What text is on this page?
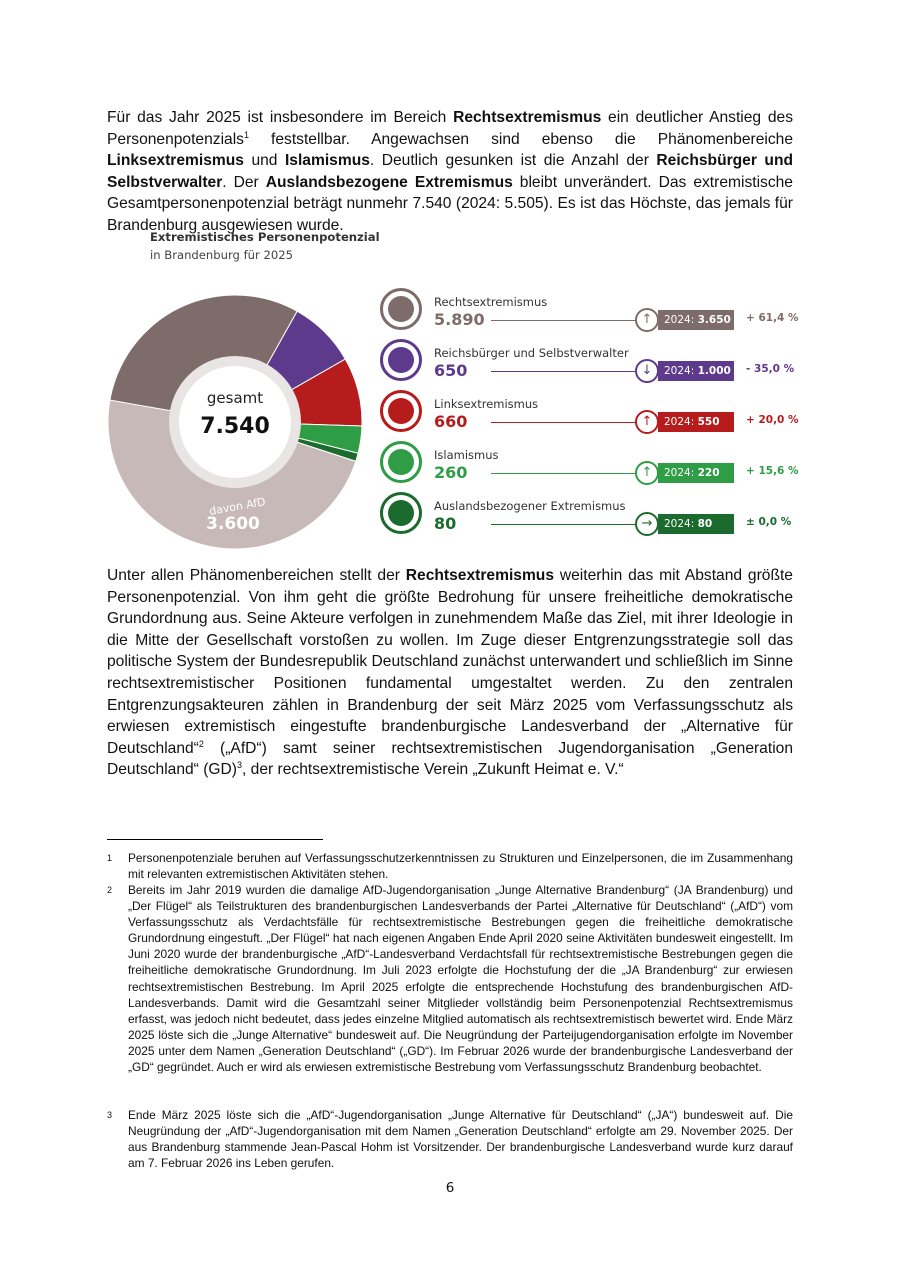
Für das Jahr 2025 ist insbesondere im Bereich Rechtsextremismus ein deutlicher Anstieg des Personenpotenzials$^1$ feststellbar. Angewachsen sind ebenso die Phänomenbereiche Linksextremismus und Islamismus. Deutlich gesunken ist die Anzahl der Reichsbürger und Selbstverwalter. Der Auslandsbezogene Extremismus bleibt unverändert. Das extremistische Gesamtpersonenpotenzial beträgt nunmehr 7.540 (2024: 5.505). Es ist das Höchste, das jemals für Brandenburg ausgewiesen wurde.

Extremistisches Personenpotenzial
in Brandenburg für 2025
gesamt
7.540
davon AfD
3.600
Rechtsextremismus
5.890	↑	2024: 3.650	+ 61,4 %
Reichsbürger und Selbstverwalter
650	↓	2024: 1.000	- 35,0 %
Linksextremismus
660	↑	2024: 550	+ 20,0 %
Islamismus
260	↑	2024: 220	+ 15,6 %
Auslandsbezogener Extremismus
80	→	2024: 80	± 0,0 %

Unter allen Phänomenbereichen stellt der Rechtsextremismus weiterhin das mit Abstand größte Personenpotenzial. Von ihm geht die größte Bedrohung für unsere freiheitliche demokratische Grundordnung aus. Seine Akteure verfolgen in zunehmendem Maße das Ziel, mit ihrer Ideologie in die Mitte der Gesellschaft vorstoßen zu wollen. Im Zuge dieser Entgrenzungsstrategie soll das politische System der Bundesrepublik Deutschland zunächst unterwandert und schließlich im Sinne rechtsextremistischer Positionen fundamental umgestaltet werden. Zu den zentralen Entgrenzungsakteuren zählen in Brandenburg der seit März 2025 vom Verfassungsschutz als erwiesen extremistisch eingestufte brandenburgische Landesverband der „Alternative für Deutschland“$^2$ („AfD“) samt seiner rechtsextremistischen Jugendorganisation „Generation Deutschland“ (GD)$^3$, der rechtsextremistische Verein „Zukunft Heimat e. V.“

1 Personenpotenziale beruhen auf Verfassungsschutzerkenntnissen zu Strukturen und Einzelpersonen, die im Zusammenhang mit relevanten extremistischen Aktivitäten stehen.
2 Bereits im Jahr 2019 wurden die damalige AfD-Jugendorganisation „Junge Alternative Brandenburg“ (JA Brandenburg) und „Der Flügel“ als Teilstrukturen des brandenburgischen Landesverbands der Partei „Alternative für Deutschland“ („AfD“) vom Verfassungsschutz als Verdachtsfälle für rechtsextremistische Bestrebungen gegen die freiheitliche demokratische Grundordnung eingestuft. „Der Flügel“ hat nach eigenen Angaben Ende April 2020 seine Aktivitäten bundesweit eingestellt. Im Juni 2020 wurde der brandenburgische „AfD“-Landesverband Verdachtsfall für rechtsextremistische Bestrebungen gegen die freiheitliche demokratische Grundordnung. Im Juli 2023 erfolgte die Hochstufung der die „JA Brandenburg“ zur erwiesen rechtsextremistischen Bestrebung. Im April 2025 erfolgte die entsprechende Hochstufung des brandenburgischen AfD-Landesverbands. Damit wird die Gesamtzahl seiner Mitglieder vollständig beim Personenpotenzial Rechtsextremismus erfasst, was jedoch nicht bedeutet, dass jedes einzelne Mitglied automatisch als rechtsextremistisch bewertet wird. Ende März 2025 löste sich die „Junge Alternative“ bundesweit auf. Die Neugründung der Parteijugendorganisation erfolgte im November 2025 unter dem Namen „Generation Deutschland“ („GD“). Im Februar 2026 wurde der brandenburgische Landesverband der „GD“ gegründet. Auch er wird als erwiesen extremistische Bestrebung vom Verfassungsschutz Brandenburg beobachtet.
3 Ende März 2025 löste sich die „AfD“-Jugendorganisation „Junge Alternative für Deutschland“ („JA“) bundesweit auf. Die Neugründung der „AfD“-Jugendorganisation mit dem Namen „Generation Deutschland“ erfolgte am 29. November 2025. Der aus Brandenburg stammende Jean-Pascal Hohm ist Vorsitzender. Der brandenburgische Landesverband wurde kurz darauf am 7. Februar 2026 ins Leben gerufen.
6
